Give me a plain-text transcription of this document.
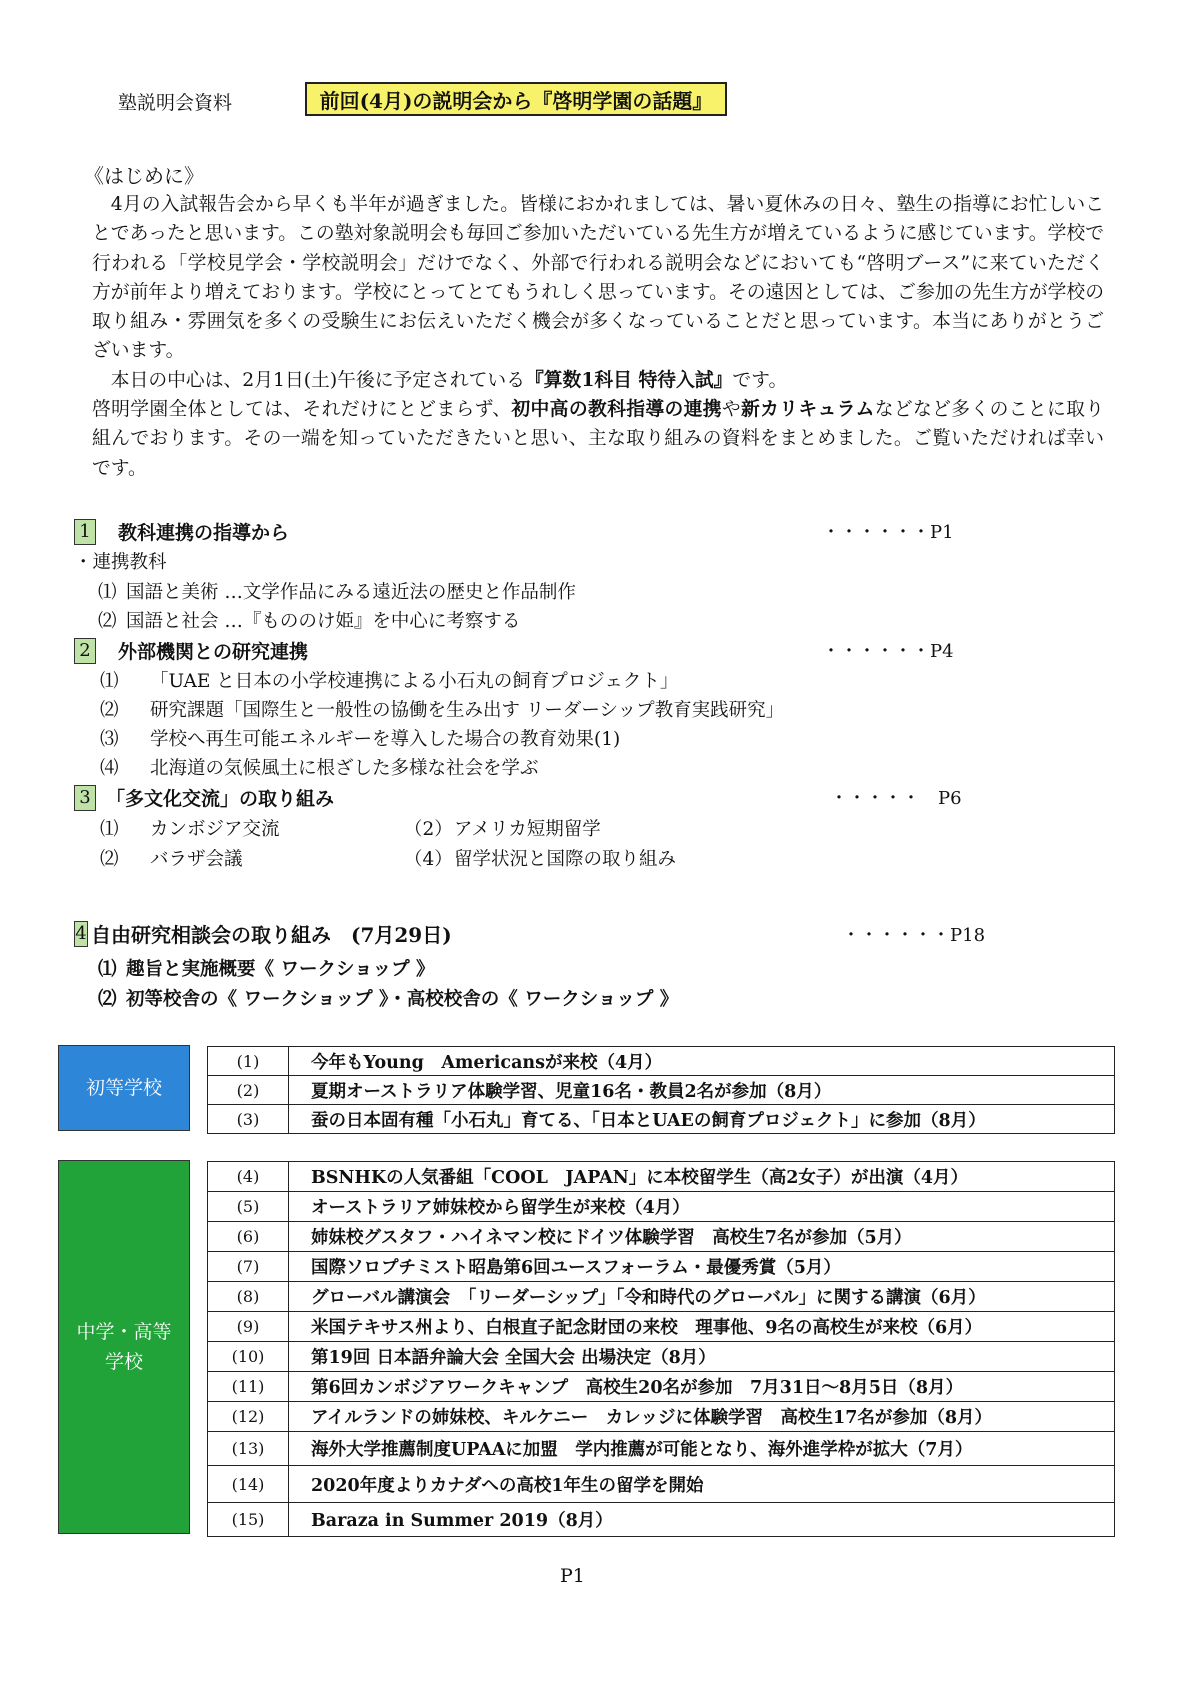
塾説明会資料	前回(4月)の説明会から『啓明学園の話題』
《はじめに》

4月の入試報告会から早くも半年が過ぎました。皆様におかれましては、暑い夏休みの日々、塾生の指導にお忙しいことであったと思います。この塾対象説明会も毎回ご参加いただいている先生方が増えているように感じています。学校で行われる「学校見学会・学校説明会」だけでなく、外部で行われる説明会などにおいても“啓明ブース”に来ていただく方が前年より増えております。学校にとってとてもうれしく思っています。その遠因としては、ご参加の先生方が学校の取り組み・雰囲気を多くの受験生にお伝えいただく機会が多くなっていることだと思っています。本当にありがとうございます。

本日の中心は、2月1日(土)午後に予定されている『算数1科目 特待入試』です。

啓明学園全体としては、それだけにとどまらず、初中高の教科指導の連携や新カリキュラムなどなど多くのことに取り組んでおります。その一端を知っていただきたいと思い、主な取り組みの資料をまとめました。ご覧いただければ幸いです。

1 教科連携の指導から	・・・・・・P1
・連携教科
⑴ 国語と美術 …文学作品にみる遠近法の歴史と作品制作
⑵ 国語と社会 …『もののけ姫』を中心に考察する
2 外部機関との研究連携	・・・・・・P4
⑴ 「UAE と日本の小学校連携による小石丸の飼育プロジェクト」
⑵ 研究課題「国際生と一般性の協働を生み出す リーダーシップ教育実践研究」
⑶ 学校へ再生可能エネルギーを導入した場合の教育効果(1)
⑷ 北海道の気候風土に根ざした多様な社会を学ぶ
3 「多文化交流」の取り組み	・・・・・　P6
⑴ カンボジア交流	（2）アメリカ短期留学
⑵ バラザ会議	（4）留学状況と国際の取り組み
4 自由研究相談会の取り組み　(7月29日)	・・・・・・P18
⑴ 趣旨と実施概要《 ワークショップ 》
⑵ 初等校舎の《 ワークショップ 》・高校校舎の《 ワークショップ 》
初等学校
(1)	今年もYoung　Americansが来校（4月）
(2)	夏期オーストラリア体験学習、児童16名・教員2名が参加（8月）
(3)	蚕の日本固有種「小石丸」育てる、「日本とUAEの飼育プロジェクト」に参加（8月）
中学・高等
学校
(4)	BSNHKの人気番組「COOL　JAPAN」に本校留学生（高2女子）が出演（4月）
(5)	オーストラリア姉妹校から留学生が来校（4月）
(6)	姉妹校グスタフ・ハイネマン校にドイツ体験学習　高校生7名が参加（5月）
(7)	国際ソロプチミスト昭島第6回ユースフォーラム・最優秀賞（5月）
(8)	グローバル講演会　「リーダーシップ」「令和時代のグローバル」に関する講演（6月）
(9)	米国テキサス州より、白根直子記念財団の来校　理事他、9名の高校生が来校（6月）
(10)	第19回 日本語弁論大会 全国大会 出場決定（8月）
(11)	第6回カンボジアワークキャンプ　高校生20名が参加　7月31日～8月5日（8月）
(12)	アイルランドの姉妹校、キルケニー　カレッジに体験学習　高校生17名が参加（8月）
(13)	海外大学推薦制度UPAAに加盟　学内推薦が可能となり、海外進学枠が拡大（7月）
(14)	2020年度よりカナダへの高校1年生の留学を開始
(15)	Baraza in Summer 2019（8月）
P1
